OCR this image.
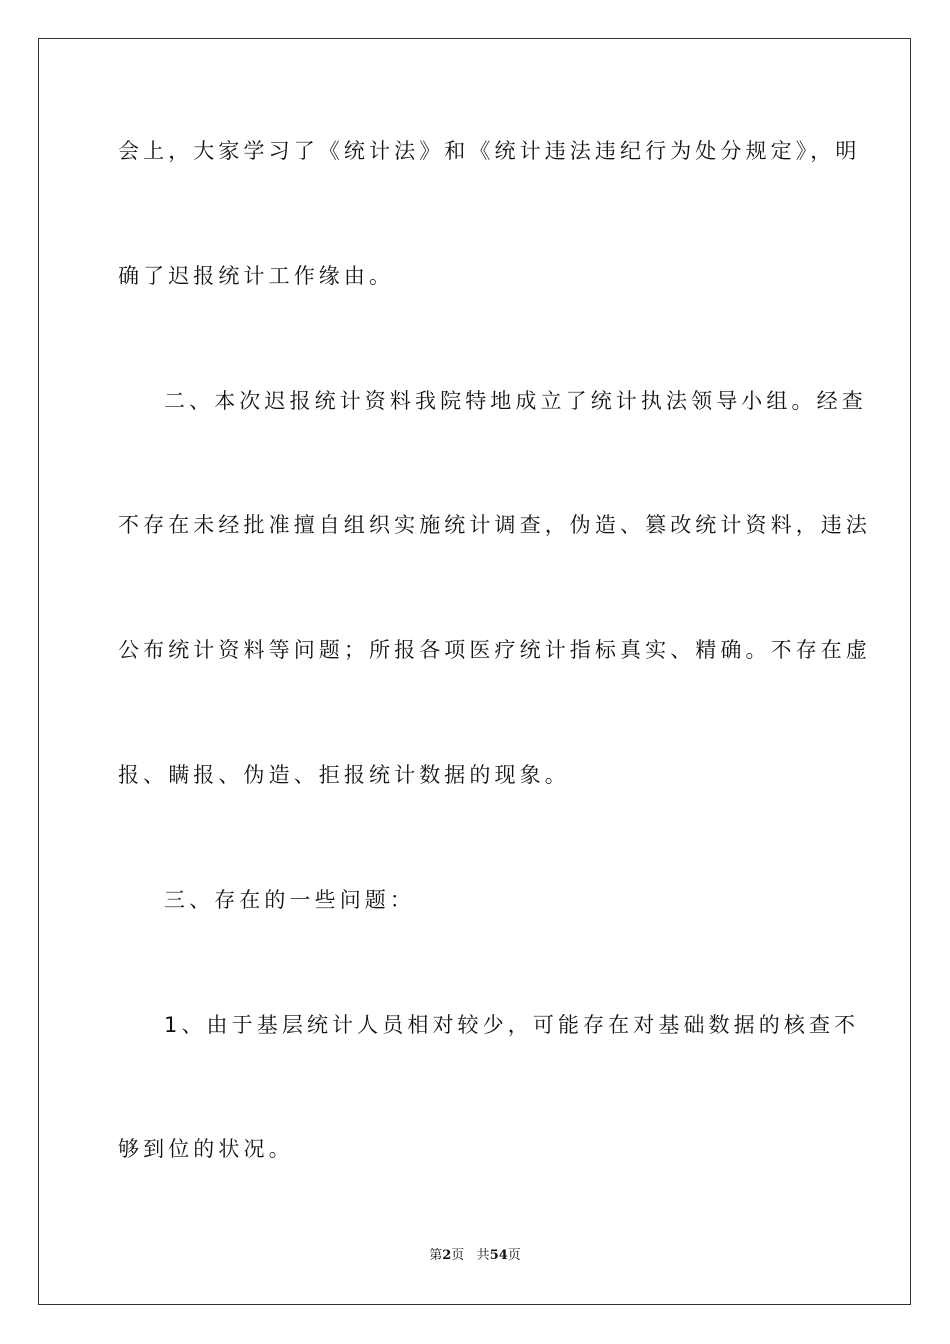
会上，大家学习了《统计法》和《统计违法违纪行为处分规定》，明
确了迟报统计工作缘由。
二、本次迟报统计资料我院特地成立了统计执法领导小组。经查
不存在未经批准擅自组织实施统计调查，伪造、篡改统计资料，违法
公布统计资料等问题；所报各项医疗统计指标真实、精确。不存在虚
报、瞒报、伪造、拒报统计数据的现象。
三、存在的一些问题：
1、由于基层统计人员相对较少，可能存在对基础数据的核查不
够到位的状况。
第2页 共54页
